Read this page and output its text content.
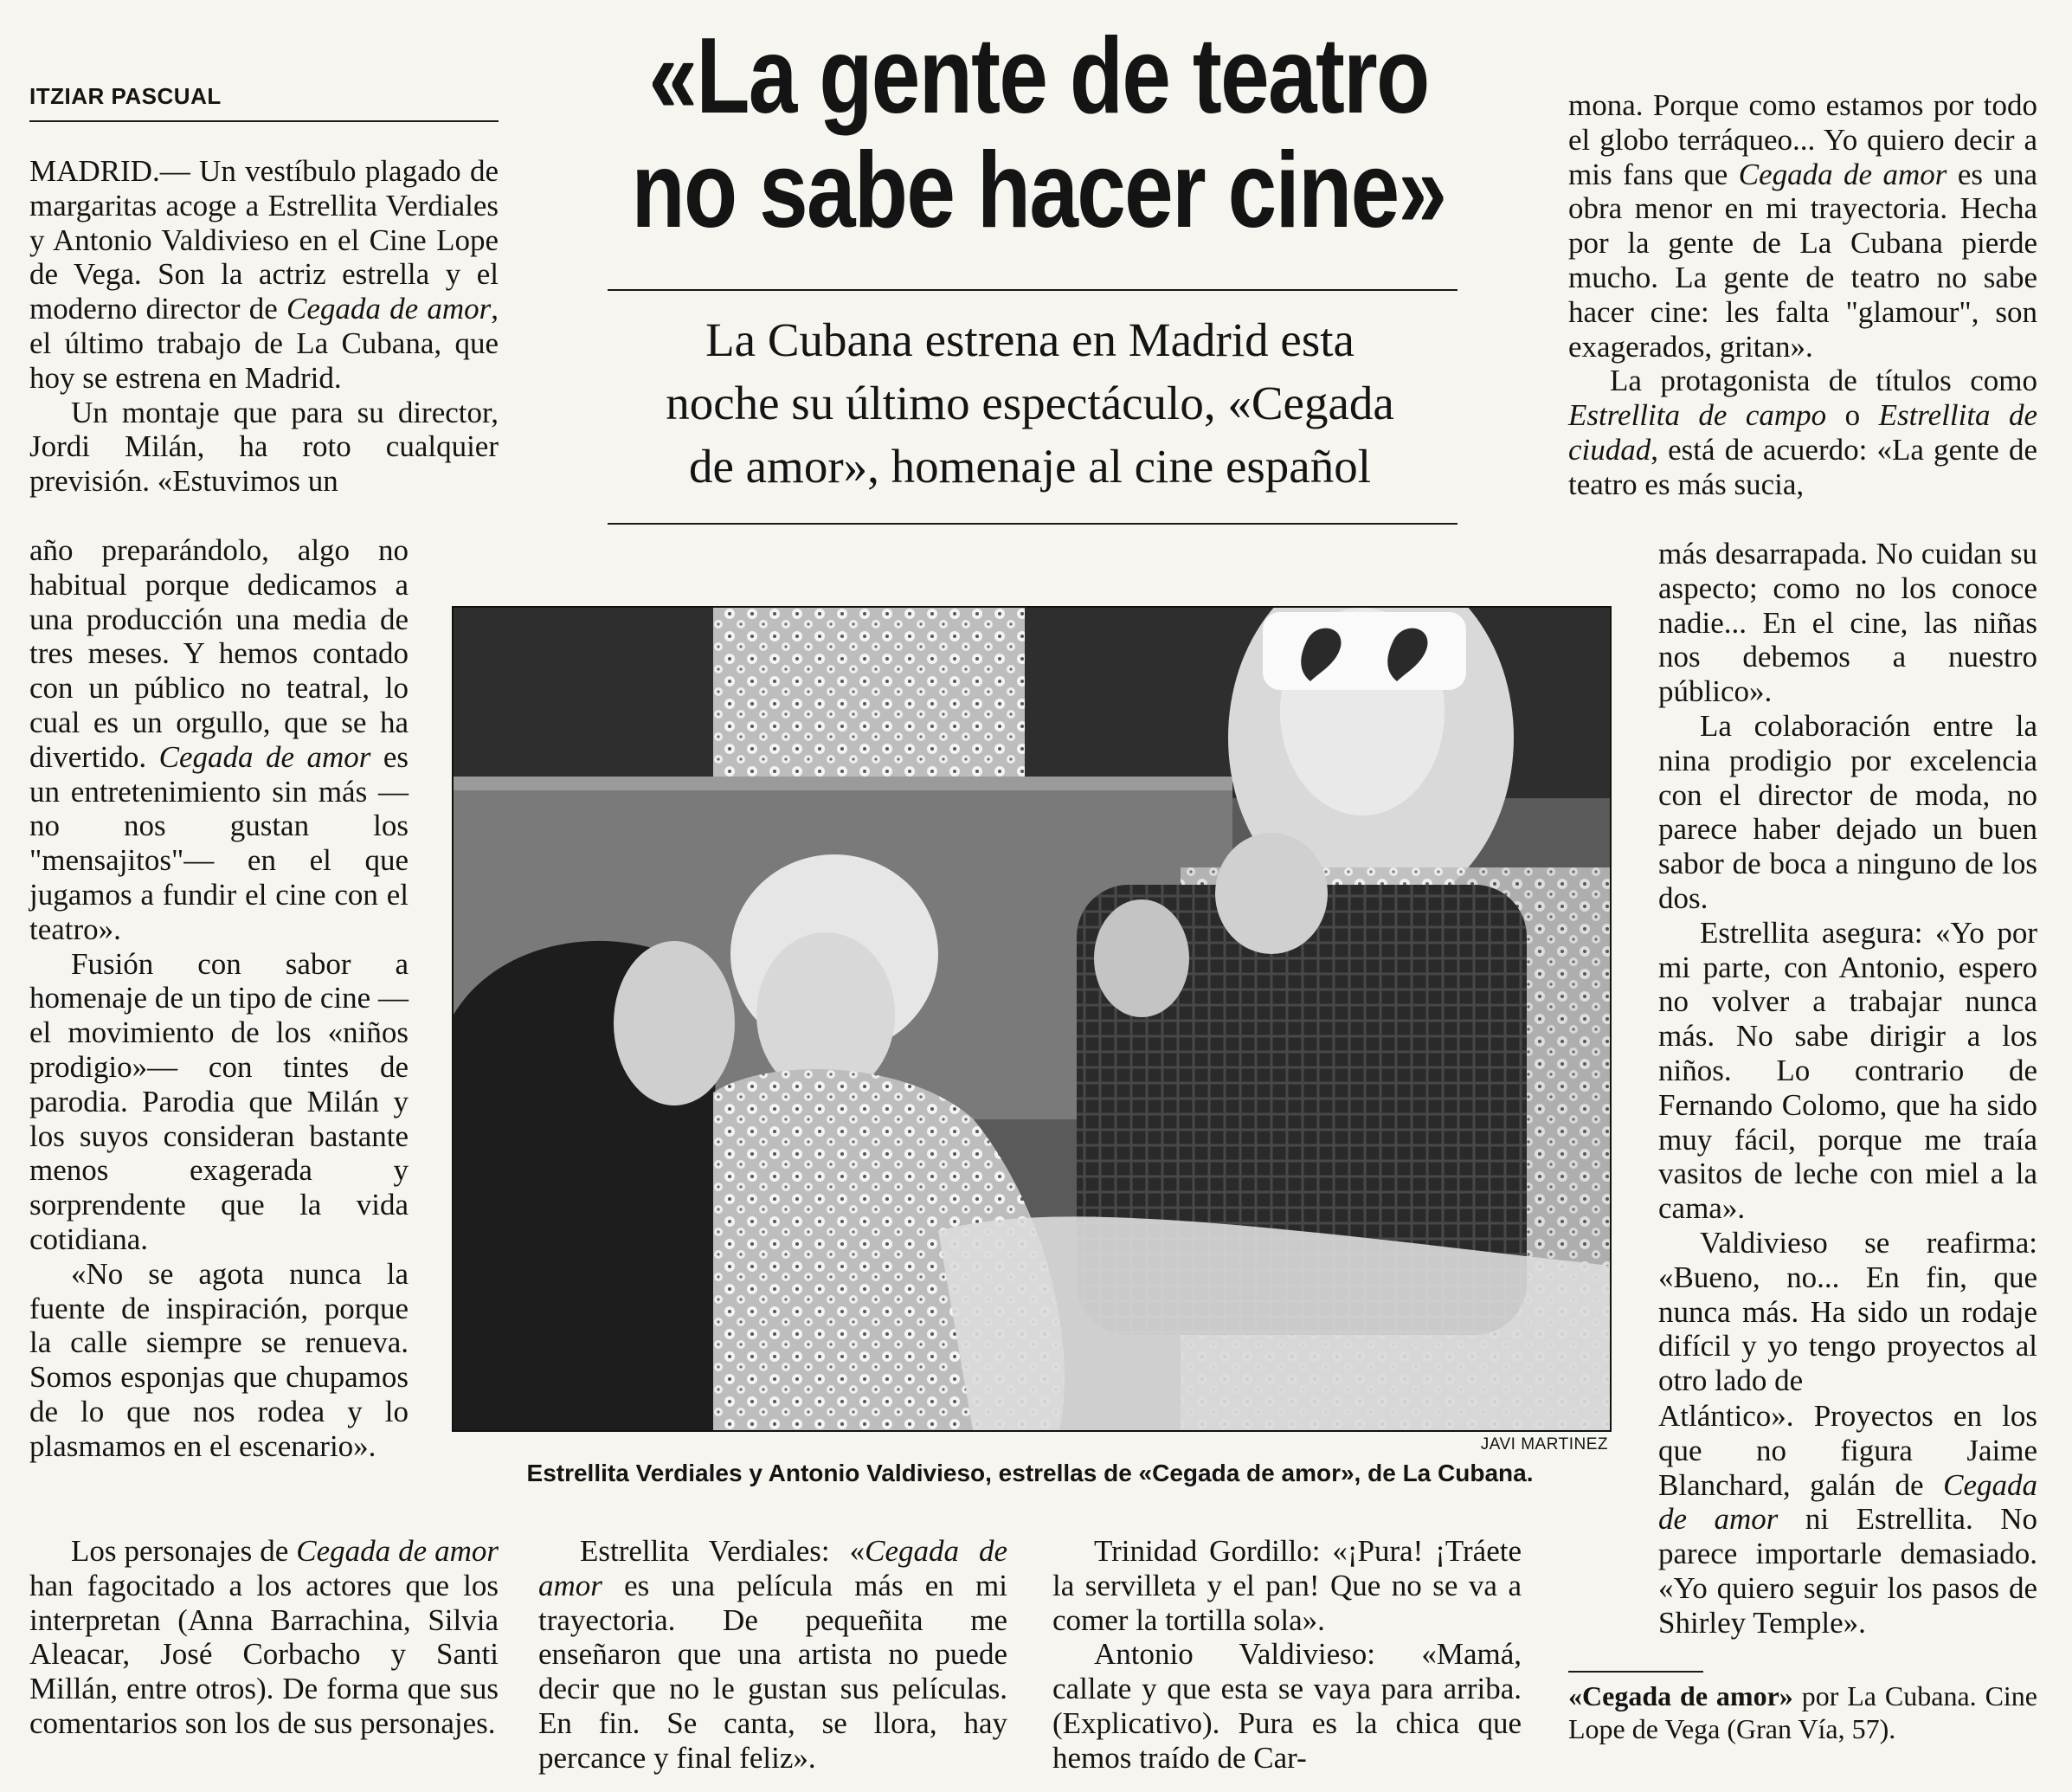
ITZIAR PASCUAL	«La gente de teatro
no sabe hacer cine»
La Cubana estrena en Madrid esta
noche su último espectáculo, «Cegada
de amor», homenaje al cine español

MADRID.— Un vestíbulo plagado de margaritas acoge a Estrellita Verdiales y Antonio Valdivieso en el Cine Lope de Vega. Son la actriz estrella y el moderno director de Cegada de amor, el último trabajo de La Cubana, que hoy se estrena en Madrid.

Un montaje que para su director, Jordi Milán, ha roto cualquier previsión. «Estuvimos un

año preparándolo, algo no habitual porque dedicamos a una producción una media de tres meses. Y hemos contado con un público no teatral, lo cual es un orgullo, que se ha divertido. Cegada de amor es un entretenimiento sin más —no nos gustan los "mensajitos"— en el que jugamos a fundir el cine con el teatro».

Fusión con sabor a homenaje de un tipo de cine —el movimiento de los «niños prodigio»— con tintes de parodia. Parodia que Milán y los suyos consideran bastante menos exagerada y sorprendente que la vida cotidiana.

«No se agota nunca la fuente de inspiración, porque la calle siempre se renueva. Somos esponjas que chupamos de lo que nos rodea y lo plasmamos en el escenario».

Los personajes de Cegada de amor han fagocitado a los actores que los interpretan (Anna Barrachina, Silvia Aleacar, José Corbacho y Santi Millán, entre otros). De forma que sus comentarios son los de sus personajes.

JAVI MARTINEZ
Estrellita Verdiales y Antonio Valdivieso, estrellas de «Cegada de amor», de La Cubana.

Estrellita Verdiales: «Cegada de amor es una película más en mi trayectoria. De pequeñita me enseñaron que una artista no puede decir que no le gustan sus películas. En fin. Se canta, se llora, hay percance y final feliz».

Trinidad Gordillo: «¡Pura! ¡Tráete la servilleta y el pan! Que no se va a comer la tortilla sola».

Antonio Valdivieso: «Mamá, callate y que esta se vaya para arriba. (Explicativo). Pura es la chica que hemos traído de Car-

mona. Porque como estamos por todo el globo terráqueo... Yo quiero decir a mis fans que Cegada de amor es una obra menor en mi trayectoria. Hecha por la gente de La Cubana pierde mucho. La gente de teatro no sabe hacer cine: les falta "glamour", son exagerados, gritan».

La protagonista de títulos como Estrellita de campo o Estrellita de ciudad, está de acuerdo: «La gente de teatro es más sucia,

más desarrapada. No cuidan su aspecto; como no los conoce nadie... En el cine, las niñas nos debemos a nuestro público».

La colaboración entre la nina prodigio por excelencia con el director de moda, no parece haber dejado un buen sabor de boca a ninguno de los dos.

Estrellita asegura: «Yo por mi parte, con Antonio, espero no volver a trabajar nunca más. No sabe dirigir a los niños. Lo contrario de Fernando Colomo, que ha sido muy fácil, porque me traía vasitos de leche con miel a la cama».

Valdivieso se reafirma: «Bueno, no... En fin, que nunca más. Ha sido un rodaje difícil y yo tengo proyectos al otro lado de

Atlántico». Proyectos en los que no figura Jaime Blanchard, galán de Cegada de amor ni Estrellita. No parece importarle demasiado. «Yo quiero seguir los pasos de Shirley Temple».

«Cegada de amor» por La Cubana. Cine Lope de Vega (Gran Vía, 57).
